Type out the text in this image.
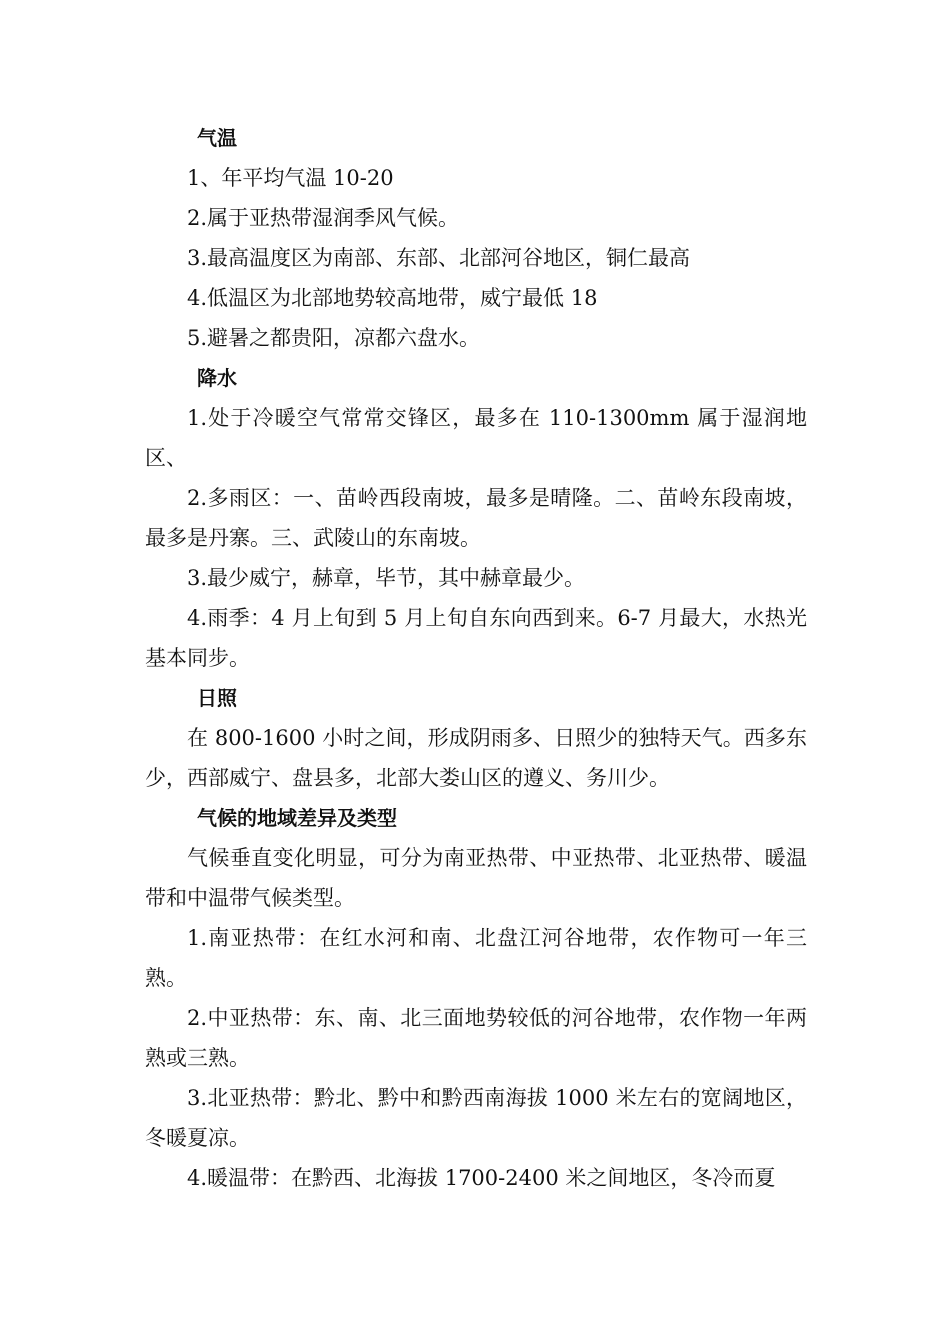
气温

1、年平均气温 10-20

2.属于亚热带湿润季风气候。

3.最高温度区为南部、东部、北部河谷地区，铜仁最高

4.低温区为北部地势较高地带，威宁最低 18

5.避暑之都贵阳，凉都六盘水。

降水

1.处于冷暖空气常常交锋区，最多在 110-1300mm 属于湿润地区、

2.多雨区：一、苗岭西段南坡，最多是晴隆。二、苗岭东段南坡，最多是丹寨。三、武陵山的东南坡。

3.最少威宁，赫章，毕节，其中赫章最少。

4.雨季：4 月上旬到 5 月上旬自东向西到来。6-7 月最大，水热光基本同步。

日照

在 800-1600 小时之间，形成阴雨多、日照少的独特天气。西多东少，西部威宁、盘县多，北部大娄山区的遵义、务川少。

气候的地域差异及类型

气候垂直变化明显，可分为南亚热带、中亚热带、北亚热带、暖温带和中温带气候类型。

1.南亚热带：在红水河和南、北盘江河谷地带，农作物可一年三熟。

2.中亚热带：东、南、北三面地势较低的河谷地带，农作物一年两熟或三熟。

3.北亚热带：黔北、黔中和黔西南海拔 1000 米左右的宽阔地区，冬暖夏凉。

4.暖温带：在黔西、北海拔 1700-2400 米之间地区，冬冷而夏
